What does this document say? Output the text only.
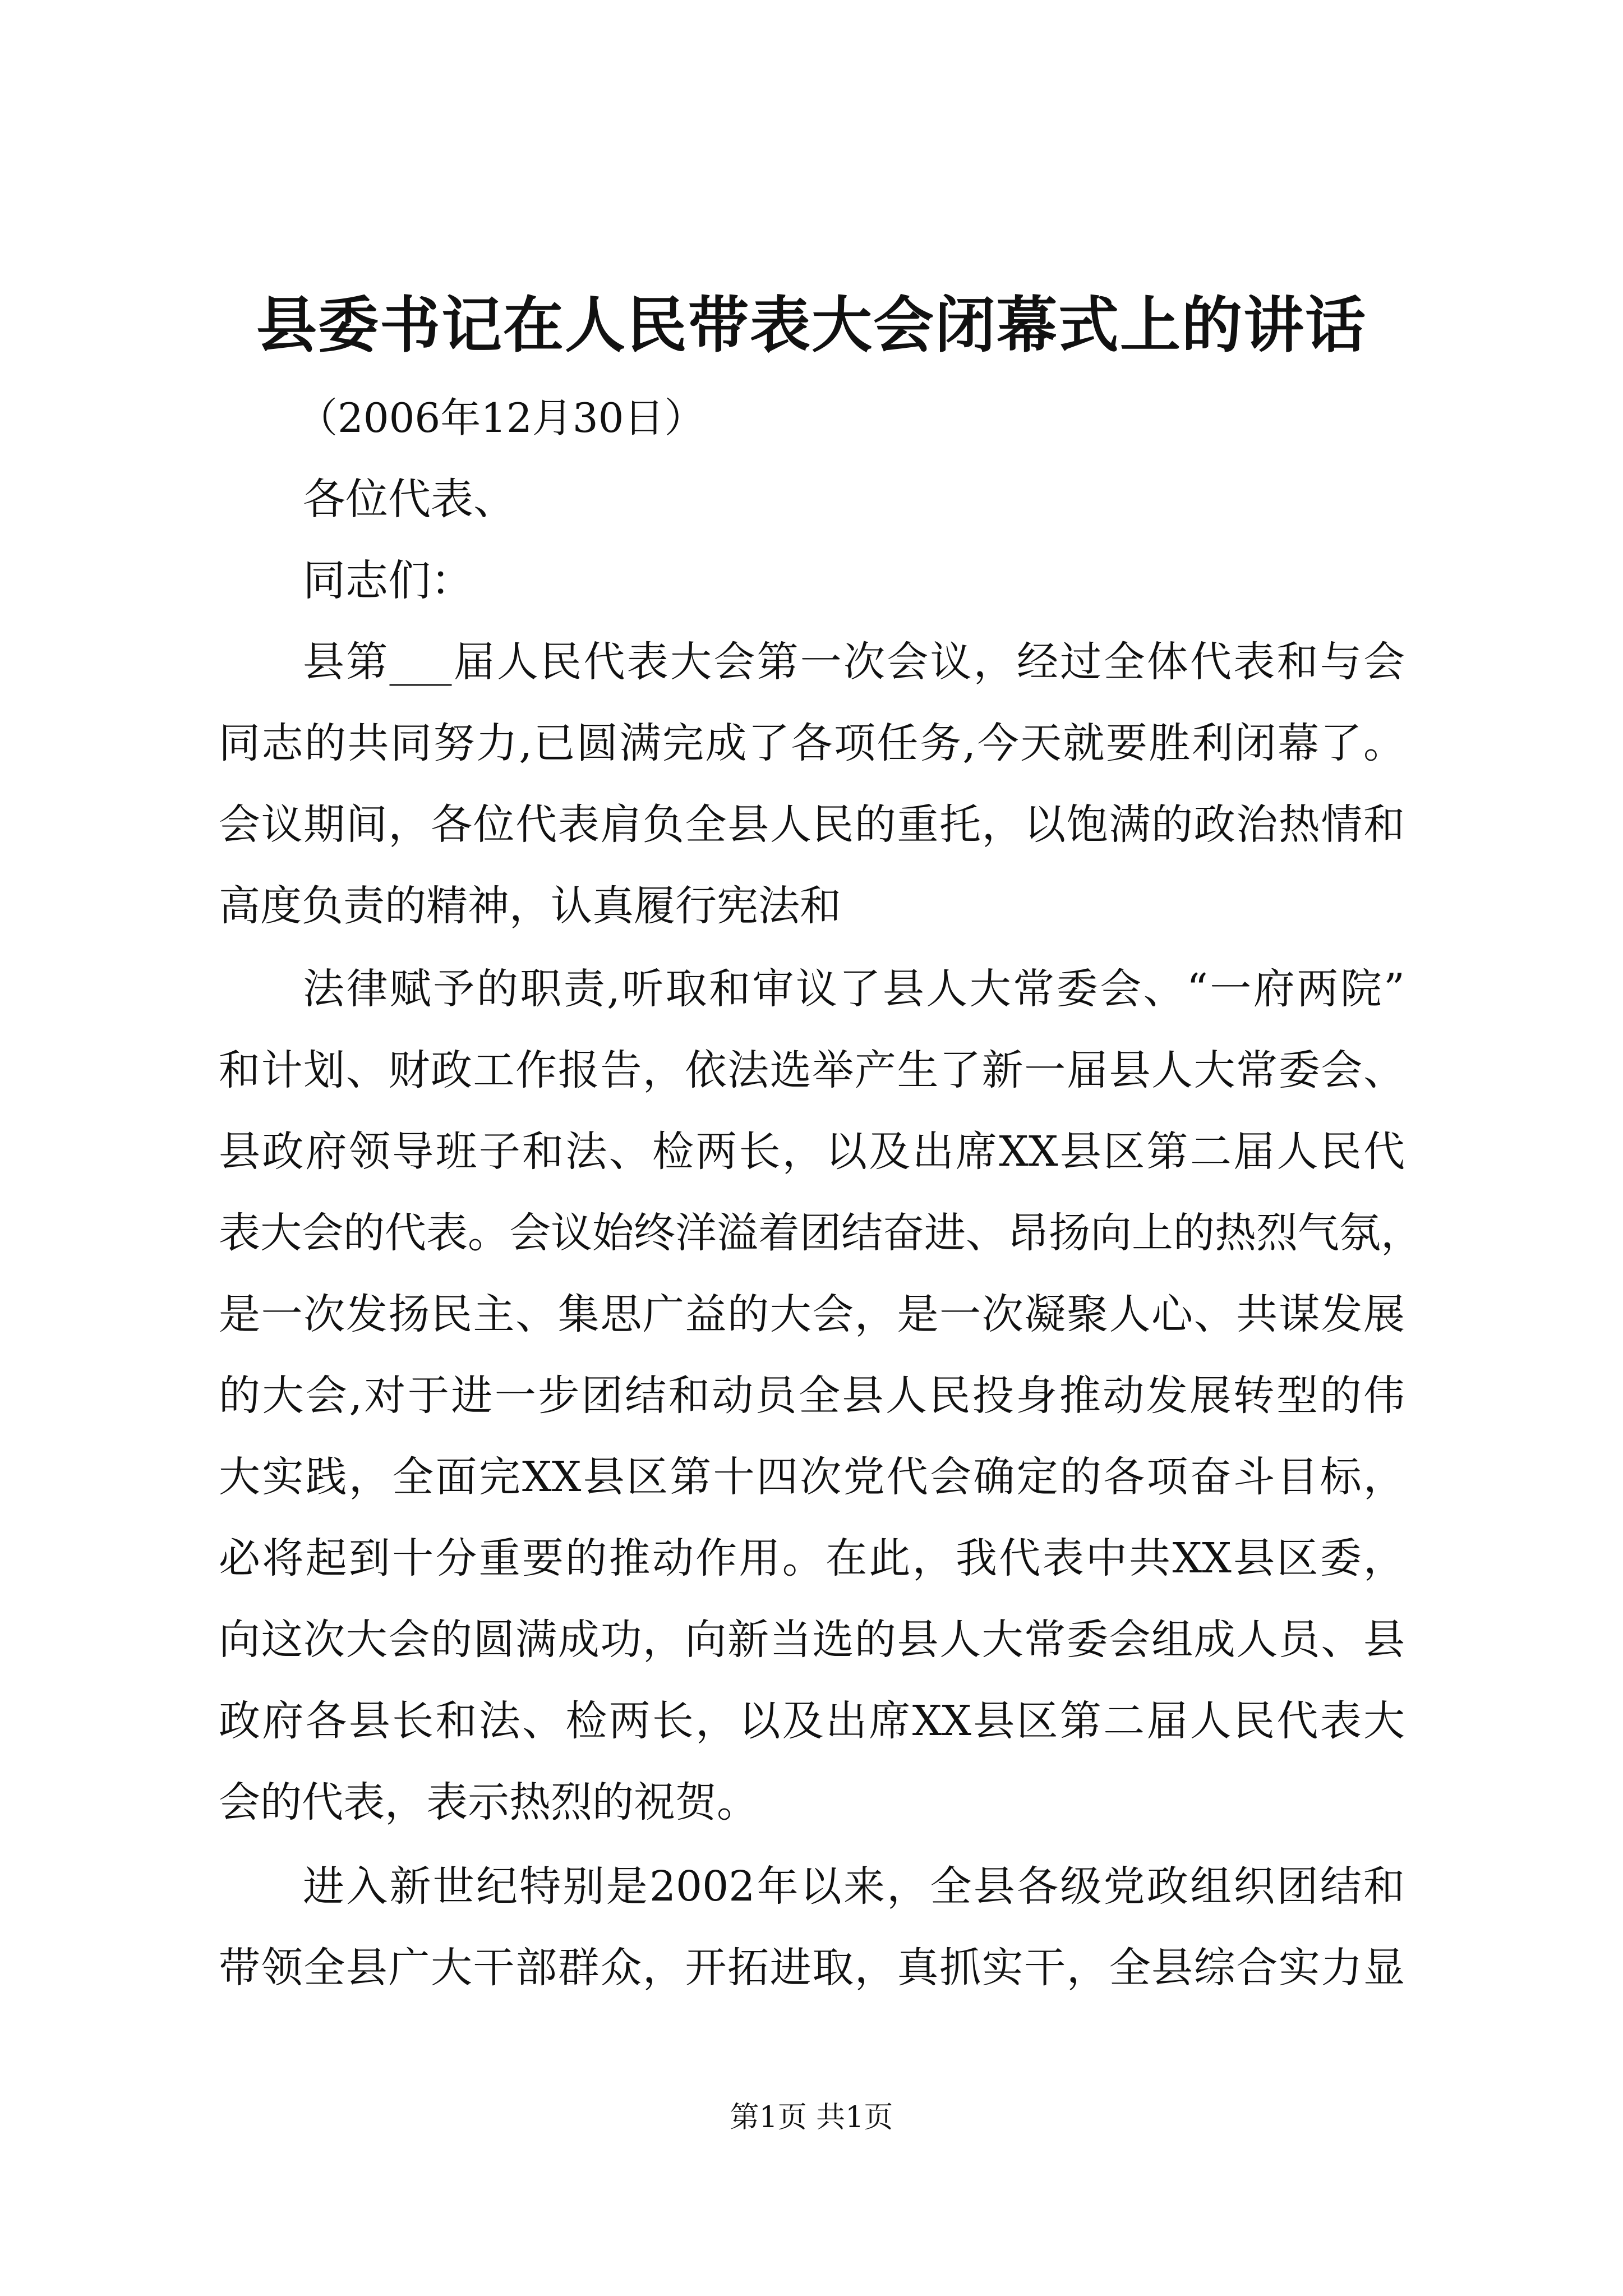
县委书记在人民带表大会闭幕式上的讲话
（2006年12月30日）
各位代表、
同志们：
县第___届人民代表大会第一次会议，经过全体代表和与会
同志的共同努力,已圆满完成了各项任务,今天就要胜利闭幕了。
会议期间，各位代表肩负全县人民的重托，以饱满的政治热情和
高度负责的精神，认真履行宪法和
法律赋予的职责,听取和审议了县人大常委会、“一府两院”
和计划、财政工作报告，依法选举产生了新一届县人大常委会、
县政府领导班子和法、检两长，以及出席XX县区第二届人民代
表大会的代表。会议始终洋溢着团结奋进、昂扬向上的热烈气氛，
是一次发扬民主、集思广益的大会，是一次凝聚人心、共谋发展
的大会,对于进一步团结和动员全县人民投身推动发展转型的伟
大实践，全面完XX县区第十四次党代会确定的各项奋斗目标，
必将起到十分重要的推动作用。在此，我代表中共XX县区委，
向这次大会的圆满成功，向新当选的县人大常委会组成人员、县
政府各县长和法、检两长，以及出席XX县区第二届人民代表大
会的代表，表示热烈的祝贺。
进入新世纪特别是2002年以来，全县各级党政组织团结和
带领全县广大干部群众，开拓进取，真抓实干，全县综合实力显
第1页 共1页
